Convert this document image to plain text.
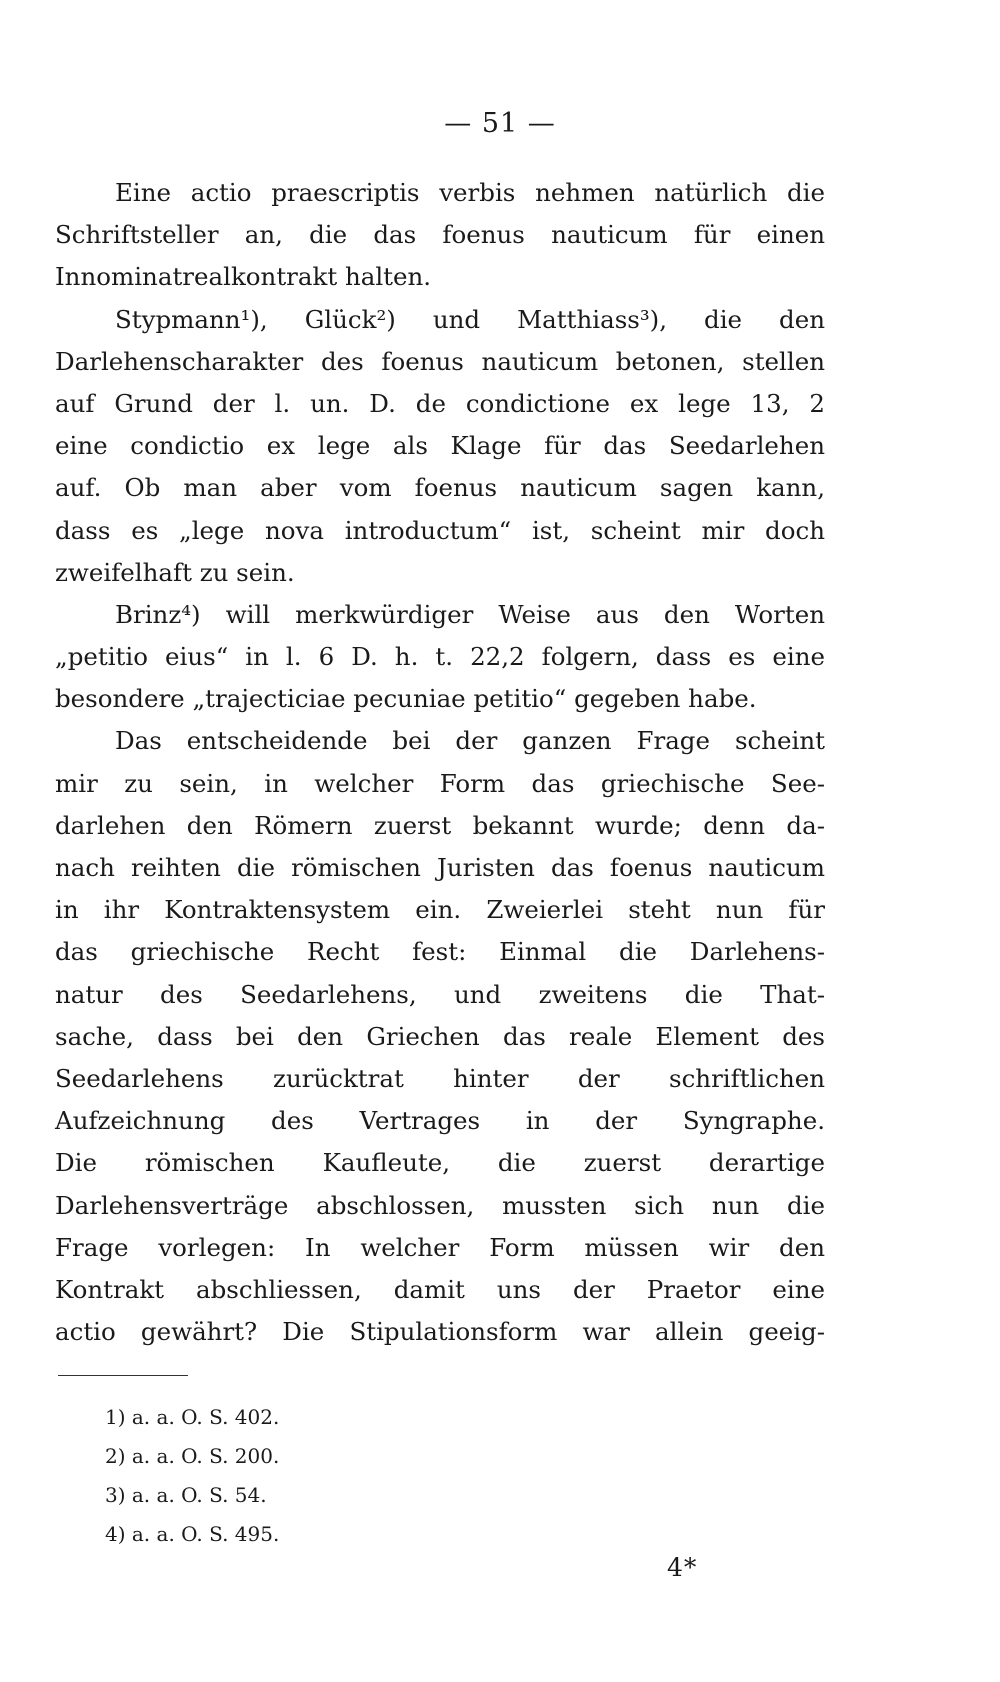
— 51 —
Eine actio praescriptis verbis nehmen natürlich die
Schriftsteller an, die das foenus nauticum für einen
Innominatrealkontrakt halten.
Stypmann¹), Glück²) und Matthiass³), die den
Darlehenscharakter des foenus nauticum betonen, stellen
auf Grund der l. un. D. de condictione ex lege 13, 2
eine condictio ex lege als Klage für das Seedarlehen
auf. Ob man aber vom foenus nauticum sagen kann,
dass es „lege nova introductum“ ist, scheint mir doch
zweifelhaft zu sein.
Brinz⁴) will merkwürdiger Weise aus den Worten
„petitio eius“ in l. 6 D. h. t. 22,2 folgern, dass es eine
besondere „trajecticiae pecuniae petitio“ gegeben habe.
Das entscheidende bei der ganzen Frage scheint
mir zu sein, in welcher Form das griechische See-
darlehen den Römern zuerst bekannt wurde; denn da-
nach reihten die römischen Juristen das foenus nauticum
in ihr Kontraktensystem ein. Zweierlei steht nun für
das griechische Recht fest: Einmal die Darlehens-
natur des Seedarlehens, und zweitens die That-
sache, dass bei den Griechen das reale Element des
Seedarlehens zurücktrat hinter der schriftlichen
Aufzeichnung des Vertrages in der Syngraphe.
Die römischen Kaufleute, die zuerst derartige
Darlehensverträge abschlossen, mussten sich nun die
Frage vorlegen: In welcher Form müssen wir den
Kontrakt abschliessen, damit uns der Praetor eine
actio gewährt? Die Stipulationsform war allein geeig-
1) a. a. O. S. 402.
2) a. a. O. S. 200.
3) a. a. O. S. 54.
4) a. a. O. S. 495.
4*
